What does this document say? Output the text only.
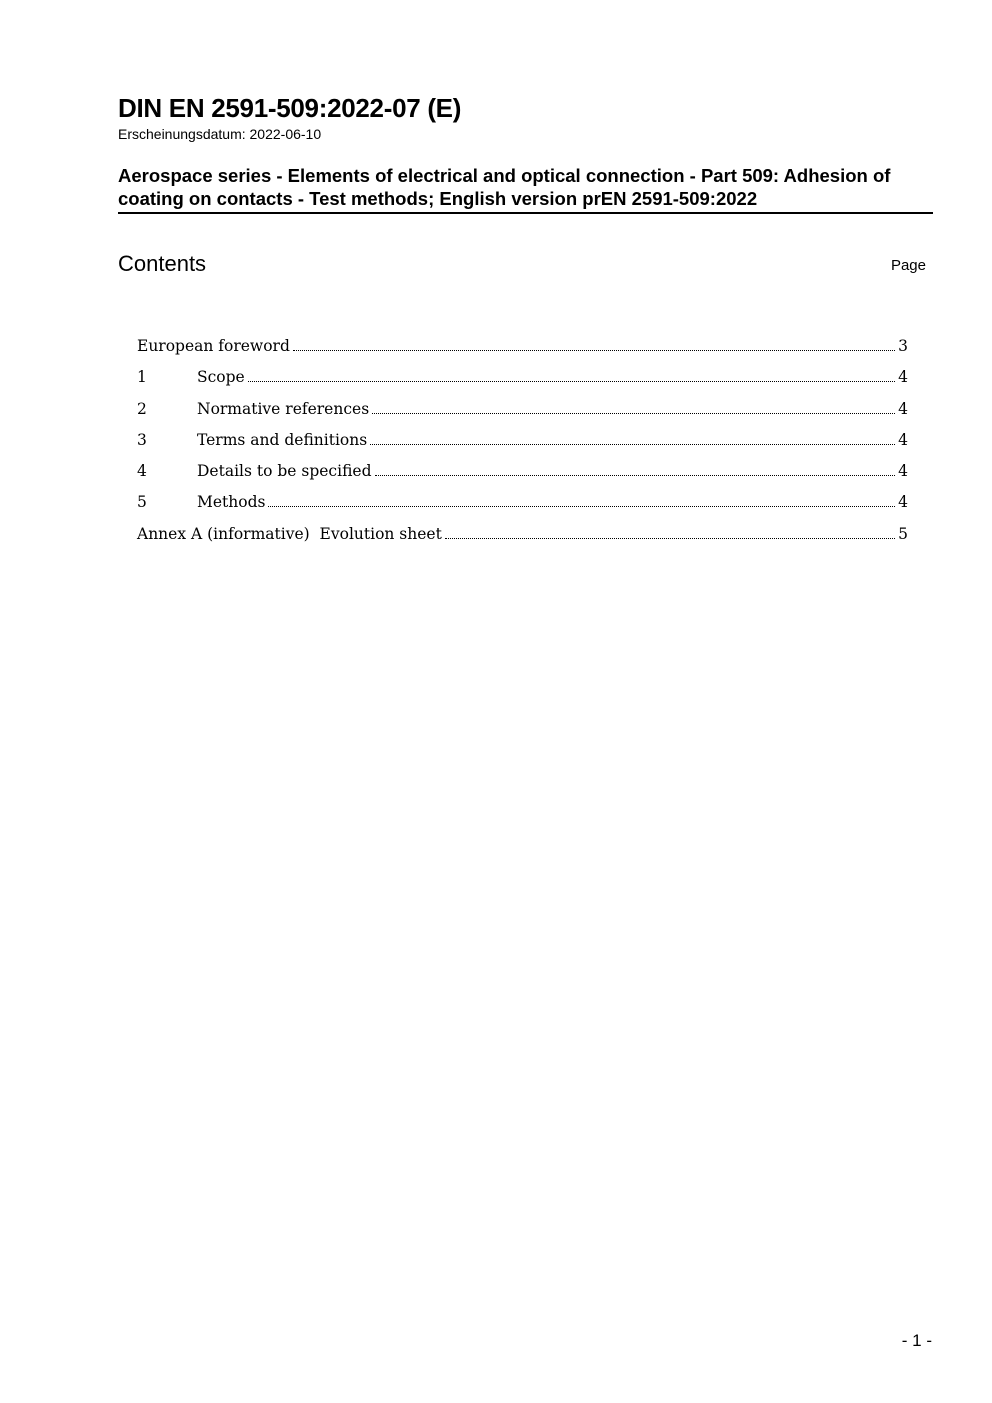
DIN EN 2591-509:2022-07 (E)
Erscheinungsdatum: 2022-06-10
Aerospace series - Elements of electrical and optical connection - Part 509: Adhesion of coating on contacts - Test methods; English version prEN 2591-509:2022
Contents	Page
European foreword	3
1	Scope	4
2	Normative references	4
3	Terms and definitions	4
4	Details to be specified	4
5	Methods	4
Annex A (informative)  Evolution sheet	5
- 1 -
